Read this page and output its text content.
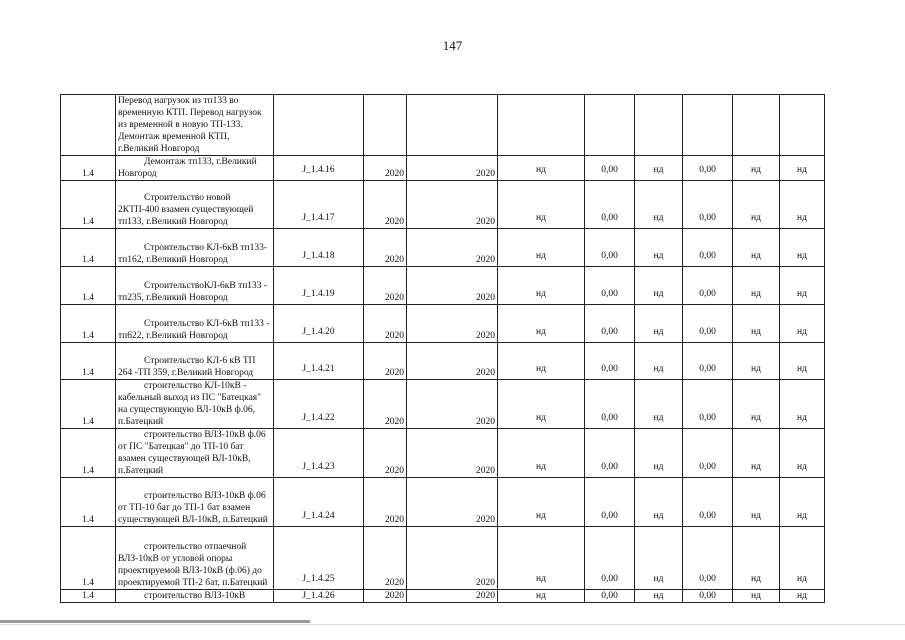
147
	Перевод нагрузок из тп133 во временную КТП. Перевод нагрузок из временной в новую ТП-133. Демонтаж временной КТП, г.Великий Новгород									
1.4	Демонтаж тп133, г.Великий Новгород	J_1.4.16	2020	2020	нд	0,00	нд	0,00	нд	нд
1.4	Строительство новой 2КТП-400 взамен существующей тп133, г.Великий Новгород	J_1.4.17	2020	2020	нд	0,00	нд	0,00	нд	нд
1.4	Строительство КЛ-6кВ тп133-тп162, г.Великий Новгород	J_1.4.18	2020	2020	нд	0,00	нд	0,00	нд	нд
1.4	СтроительствоКЛ-6кВ тп133 - тп235, г.Великий Новгород	J_1.4.19	2020	2020	нд	0,00	нд	0,00	нд	нд
1.4	Строительство КЛ-6кВ тп133 - тп622, г.Великий Новгород	J_1.4.20	2020	2020	нд	0,00	нд	0,00	нд	нд
1.4	Строительство КЛ-6 кВ ТП 264 -ТП 359, г.Великий Новгород	J_1.4.21	2020	2020	нд	0,00	нд	0,00	нд	нд
1.4	строительство КЛ-10кВ - кабельный выход из ПС "Батецкая" на существующую ВЛ-10кВ ф.06, п.Батецкий	J_1.4.22	2020	2020	нд	0,00	нд	0,00	нд	нд
1.4	строительство ВЛЗ-10кВ ф.06 от ПС "Батецкая" до ТП-10 бат взамен существующей ВЛ-10кВ, п.Батецкий	J_1.4.23	2020	2020	нд	0,00	нд	0,00	нд	нд
1.4	строительство ВЛЗ-10кВ ф.06 от ТП-10 бат до ТП-1 бат взамен существующей ВЛ-10кВ, п.Батецкий	J_1.4.24	2020	2020	нд	0,00	нд	0,00	нд	нд
1.4	строительство отпаечной ВЛЗ-10кВ от угловой опоры проектируемой ВЛЗ-10кВ (ф.06) до проектируемой ТП-2 бат, п.Батецкий	J_1.4.25	2020	2020	нд	0,00	нд	0,00	нд	нд
1.4	строительство ВЛЗ-10кВ	J_1.4.26	2020	2020	нд	0,00	нд	0,00	нд	нд
